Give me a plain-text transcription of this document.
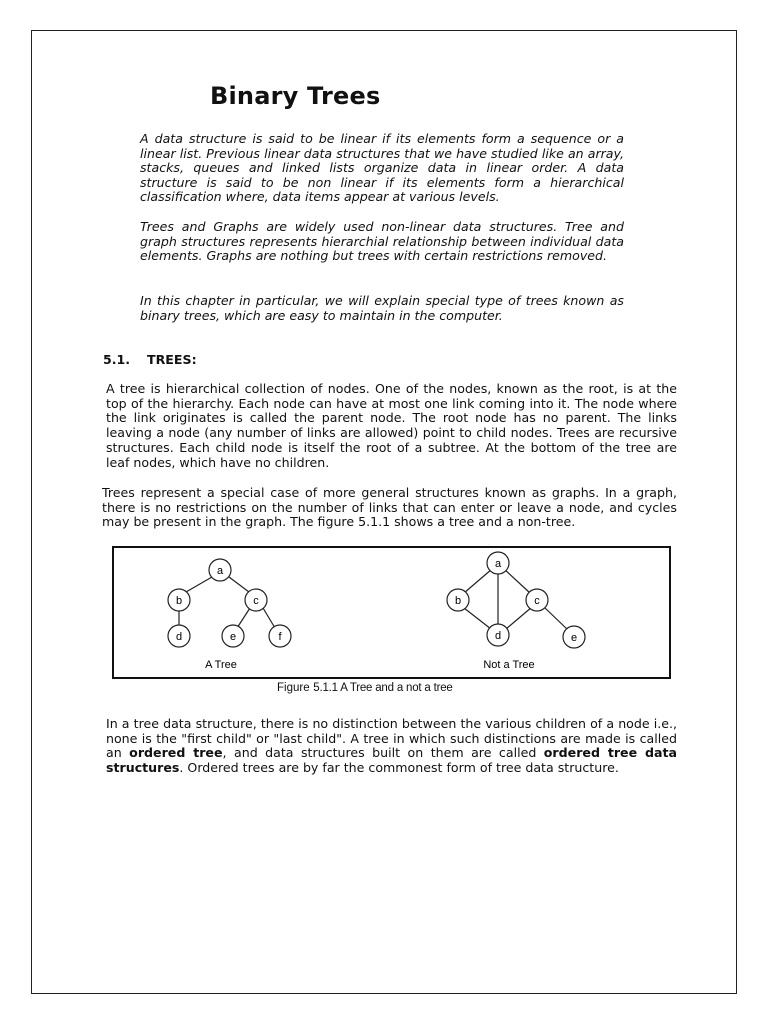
Binary Trees

A data structure is said to be linear if its elements form a sequence or a linear list. Previous linear data structures that we have studied like an array, stacks, queues and linked lists organize data in linear order. A data structure is said to be non linear if its elements form a hierarchical classification where, data items appear at various levels.

Trees and Graphs are widely used non-linear data structures. Tree and graph structures represents hierarchial relationship between individual data elements. Graphs are nothing but trees with certain restrictions removed.

In this chapter in particular, we will explain special type of trees known as binary trees, which are easy to maintain in the computer.

5.1. TREES:

A tree is hierarchical collection of nodes. One of the nodes, known as the root, is at the top of the hierarchy. Each node can have at most one link coming into it. The node where the link originates is called the parent node. The root node has no parent. The links leaving a node (any number of links are allowed) point to child nodes. Trees are recursive structures. Each child node is itself the root of a subtree. At the bottom of the tree are leaf nodes, which have no children.

Trees represent a special case of more general structures known as graphs. In a graph, there is no restrictions on the number of links that can enter or leave a node, and cycles may be present in the graph. The figure 5.1.1 shows a tree and a non-tree.

a
b	c
d	e	f
A Tree
a
b	c
d	e
Not a Tree

Figure 5.1.1 A Tree and a not a tree

In a tree data structure, there is no distinction between the various children of a node i.e., none is the "first child" or "last child". A tree in which such distinctions are made is called an ordered tree, and data structures built on them are called ordered tree data structures. Ordered trees are by far the commonest form of tree data structure.
